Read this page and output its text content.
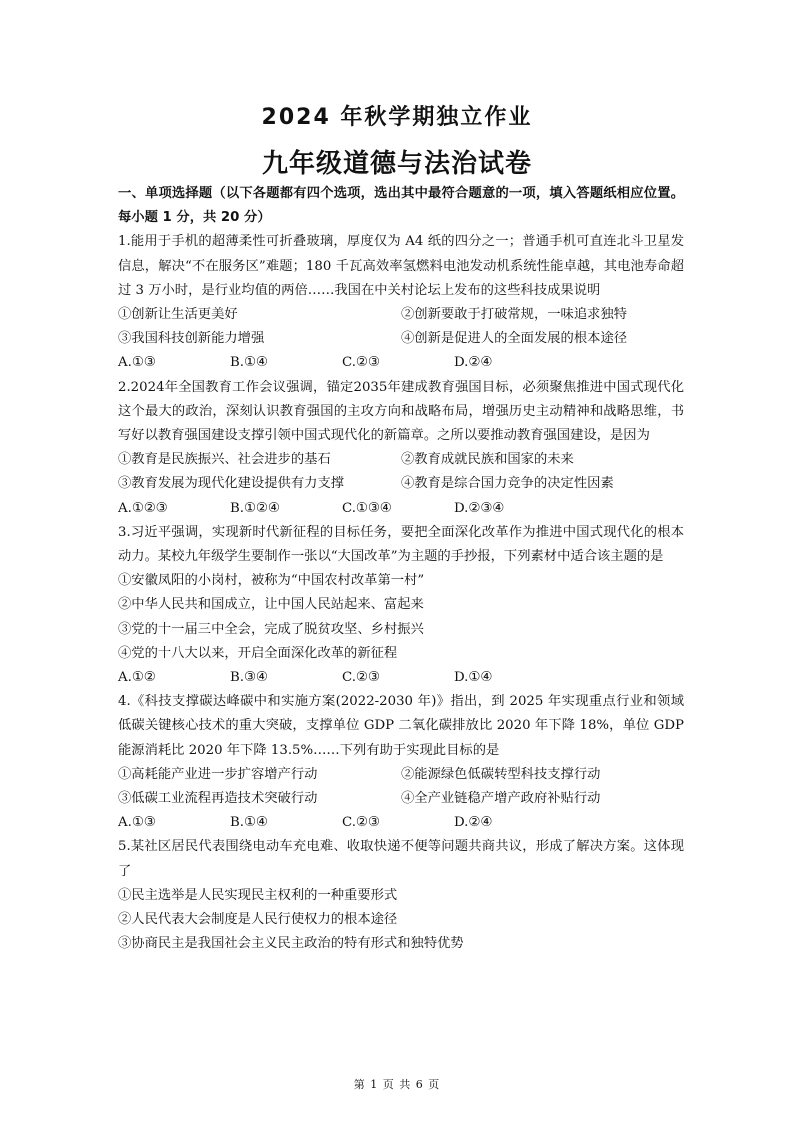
2024 年秋学期独立作业
九年级道德与法治试卷
一、单项选择题（以下各题都有四个选项，选出其中最符合题意的一项，填入答题纸相应位置。每小题 1 分，共 20 分）
1.能用于手机的超薄柔性可折叠玻璃，厚度仅为 A4 纸的四分之一；普通手机可直连北斗卫星发信息，解决“不在服务区”难题；180 千瓦高效率氢燃料电池发动机系统性能卓越，其电池寿命超过 3 万小时，是行业均值的两倍……我国在中关村论坛上发布的这些科技成果说明
①创新让生活更美好	②创新要敢于打破常规，一味追求独特
③我国科技创新能力增强	④创新是促进人的全面发展的根本途径
A.①③	B.①④	C.②③	D.②④
2.2024年全国教育工作会议强调，锚定2035年建成教育强国目标，必须聚焦推进中国式现代化这个最大的政治，深刻认识教育强国的主攻方向和战略布局，增强历史主动精神和战略思维，书写好以教育强国建设支撑引领中国式现代化的新篇章。之所以要推动教育强国建设，是因为
①教育是民族振兴、社会进步的基石	②教育成就民族和国家的未来
③教育发展为现代化建设提供有力支撑	④教育是综合国力竞争的决定性因素
A.①②③	B.①②④	C.①③④	D.②③④
3.习近平强调，实现新时代新征程的目标任务，要把全面深化改革作为推进中国式现代化的根本动力。某校九年级学生要制作一张以“大国改革”为主题的手抄报，下列素材中适合该主题的是
①安徽凤阳的小岗村，被称为“中国农村改革第一村”
②中华人民共和国成立，让中国人民站起来、富起来
③党的十一届三中全会，完成了脱贫攻坚、乡村振兴
④党的十八大以来，开启全面深化改革的新征程
A.①②	B.③④	C.②③	D.①④
4.《科技支撑碳达峰碳中和实施方案(2022-2030 年)》指出，到 2025 年实现重点行业和领域低碳关键核心技术的重大突破，支撑单位 GDP 二氧化碳排放比 2020 年下降 18%，单位 GDP 能源消耗比 2020 年下降 13.5%……下列有助于实现此目标的是
①高耗能产业进一步扩容增产行动	②能源绿色低碳转型科技支撑行动
③低碳工业流程再造技术突破行动	④全产业链稳产增产政府补贴行动
A.①③	B.①④	C.②③	D.②④
5.某社区居民代表围绕电动车充电难、收取快递不便等问题共商共议，形成了解决方案。这体现了
①民主选举是人民实现民主权利的一种重要形式
②人民代表大会制度是人民行使权力的根本途径
③协商民主是我国社会主义民主政治的特有形式和独特优势
第 1 页 共 6 页
